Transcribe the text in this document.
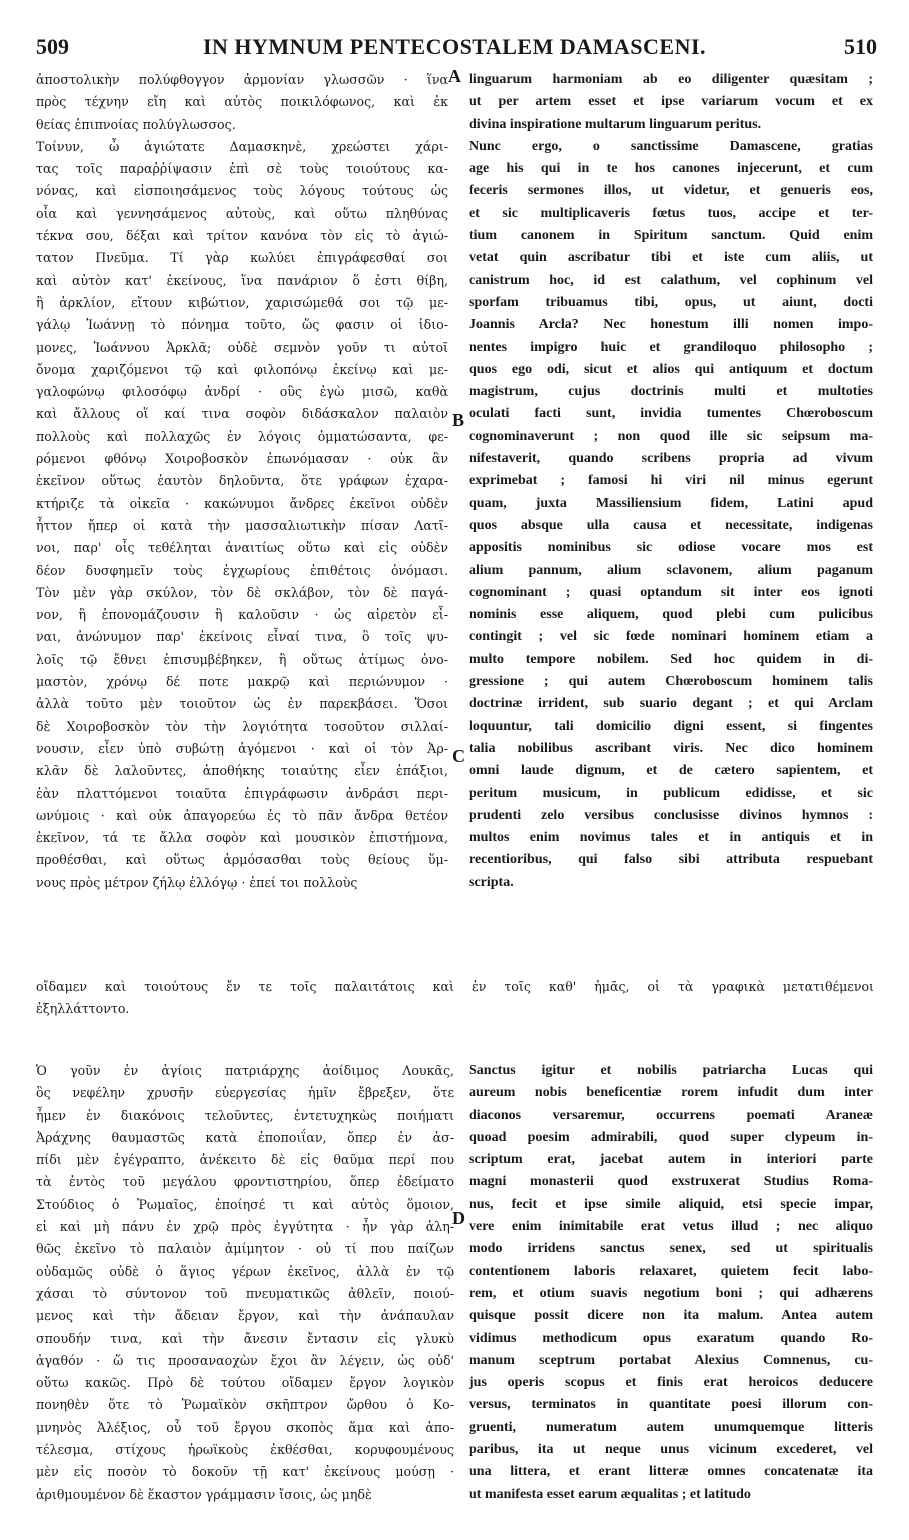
509	IN HYMNUM PENTECOSTALEM DAMASCENI.	510
ἀποστολικὴν πολύφθογγον ἁρμονίαν γλωσσῶν · ἵνα
πρὸς τέχνην εἴη καὶ αὐτὸς ποικιλόφωνος, καὶ ἐκ
θείας ἐπιπνοίας πολύγλωσσος.
Τοίνυν, ὦ ἁγιώτατε Δαμασκηνὲ, χρεώστει χάρι-
τας τοῖς παραῤῥίψασιν ἐπὶ σὲ τοὺς τοιούτους κα-
νόνας, καὶ εἰσποιησάμενος τοὺς λόγους τούτους ὡς
οἷα καὶ γεννησάμενος αὐτοὺς, καὶ οὕτω πληθύνας
τέκνα σου, δέξαι καὶ τρίτον κανόνα τὸν εἰς τὸ ἁγιώ-
τατον Πνεῦμα. Τί γὰρ κωλύει ἐπιγράφεσθαί σοι
καὶ αὐτὸν κατ' ἐκείνους, ἵνα πανάριον ὅ ἐστι θίβη,
ἢ ἀρκλίον, εἴτουν κιβώτιον, χαρισώμεθά σοι τῷ με-
γάλῳ Ἰωάννῃ τὸ πόνημα τοῦτο, ὥς φασιν οἱ ἰδιο-
μονες, Ἰωάννου Ἀρκλᾶ; οὐδὲ σεμνὸν γοῦν τι αὐτοῖ
ὄνομα χαριζόμενοι τῷ καὶ φιλοπόνῳ ἐκείνῳ καὶ με-
γαλοφώνῳ φιλοσόφῳ ἀνδρί · οὓς ἐγὼ μισῶ, καθὰ
καὶ ἄλλους οἵ καί τινα σοφὸν διδάσκαλον παλαιὸν
πολλοὺς καὶ πολλαχῶς ἐν λόγοις ὀμματώσαντα, φε-
ρόμενοι φθόνῳ Χοιροβοσκὸν ἐπωνόμασαν · οὐκ ἂν
ἐκεῖνον οὕτως ἑαυτὸν δηλοῦντα, ὅτε γράφων ἐχαρα-
κτήριζε τὰ οἰκεῖα · κακώνυμοι ἄνδρες ἐκεῖνοι οὐδὲν
ἧττον ἤπερ οἱ κατὰ τὴν μασσαλιωτικὴν πίσαν Λατῖ-
νοι, παρ' οἷς τεθέληται ἀναιτίως οὕτω καὶ εἰς οὐδὲν
δέον δυσφημεῖν τοὺς ἐγχωρίους ἐπιθέτοις ὀνόμασι.
Τὸν μὲν γὰρ σκύλον, τὸν δὲ σκλάβον, τὸν δὲ παγά-
νον, ἢ ἐπονομάζουσιν ἢ καλοῦσιν · ὡς αἱρετὸν εἶ-
ναι, ἀνώνυμον παρ' ἐκείνοις εἶναί τινα, ὃ τοῖς ψυ-
λοῖς τῷ ἔθνει ἐπισυμβέβηκεν, ἢ οὕτως ἀτίμως ὀνο-
μαστὸν, χρόνῳ δέ ποτε μακρῷ καὶ περιώνυμον ·
ἀλλὰ τοῦτο μὲν τοιοῦτον ὡς ἐν παρεκβάσει. Ὅσοι
δὲ Χοιροβοσκὸν τὸν τὴν λογιότητα τοσοῦτον σιλλαί-
νουσιν, εἶεν ὑπὸ συβώτῃ ἀγόμενοι · καὶ οἱ τὸν Ἀρ-
κλᾶν δὲ λαλοῦντες, ἀποθήκης τοιαύτης εἶεν ἐπάξιοι,
ἐὰν πλαττόμενοι τοιαῦτα ἐπιγράφωσιν ἀνδράσι περι-
ωνύμοις · καὶ οὐκ ἀπαγορεύω ἐς τὸ πᾶν ἄνδρα θετέον
ἐκεῖνον, τά τε ἄλλα σοφὸν καὶ μουσικὸν ἐπιστήμονα,
προθέσθαι, καὶ οὕτως ἁρμόσασθαι τοὺς θείους ὕμ-
νους πρὸς μέτρον ζήλῳ ἐλλόγῳ · ἐπεί τοι πολλοὺς
linguarum harmoniam ab eo diligenter quæsitam ;
ut per artem esset et ipse variarum vocum et ex
divina inspiratione multarum linguarum peritus.
Nunc ergo, o sanctissime Damascene, gratias
age his qui in te hos canones injecerunt, et cum
feceris sermones illos, ut videtur, et genueris eos,
et sic multiplicaveris fœtus tuos, accipe et ter-
tium canonem in Spiritum sanctum. Quid enim
vetat quin ascribatur tibi et iste cum aliis, ut
canistrum hoc, id est calathum, vel cophinum vel
sporfam tribuamus tibi, opus, ut aiunt, docti
Joannis Arcla? Nec honestum illi nomen impo-
nentes impigro huic et grandiloquo philosopho ;
quos ego odi, sicut et alios qui antiquum et doctum
magistrum, cujus doctrinis multi et multoties
oculati facti sunt, invidia tumentes Chœroboscum
cognominaverunt ; non quod ille sic seipsum ma-
nifestaverit, quando scribens propria ad vivum
exprimebat ; famosi hi viri nil minus egerunt
quam, juxta Massiliensium fidem, Latini apud
quos absque ulla causa et necessitate, indigenas
appositis nominibus sic odiose vocare mos est
alium pannum, alium sclavonem, alium paganum
cognominant ; quasi optandum sit inter eos ignoti
nominis esse aliquem, quod plebi cum pulicibus
contingit ; vel sic fœde nominari hominem etiam a
multo tempore nobilem. Sed hoc quidem in di-
gressione ; qui autem Chœroboscum hominem talis
doctrinæ irrident, sub suario degant ; et qui Arclam
loquuntur, tali domicilio digni essent, si fingentes
talia nobilibus ascribant viris. Nec dico hominem
omni laude dignum, et de cætero sapientem, et
peritum musicum, in publicum edidisse, et sic
prudenti zelo versibus conclusisse divinos hymnos :
multos enim novimus tales et in antiquis et in
recentioribus, qui falso sibi attributa respuebant
scripta.
οἴδαμεν καὶ τοιούτους ἔν τε τοῖς παλαιτάτοις καὶ ἐν τοῖς καθ' ἡμᾶς, οἱ τὰ γραφικὰ μετατιθέμενοι
ἐξηλλάττοντο.
Ὁ γοῦν ἐν ἁγίοις πατριάρχης ἀοίδιμος Λουκᾶς,
ὃς νεφέλην χρυσῆν εὐεργεσίας ἡμῖν ἔβρεξεν, ὅτε
ἦμεν ἐν διακόνοις τελοῦντες, ἐντετυχηκὼς ποιήματι
Ἀράχνης θαυμαστῶς κατὰ ἐποποιΐαν, ὅπερ ἐν ἀσ-
πίδι μὲν ἐγέγραπτο, ἀνέκειτο δὲ εἰς θαῦμα περί που
τὰ ἐντὸς τοῦ μεγάλου φροντιστηρίου, ὅπερ ἐδείματο
Στούδιος ὁ Ῥωμαῖος, ἐποίησέ τι καὶ αὐτὸς ὅμοιον,
εἰ καὶ μὴ πάνυ ἐν χρῷ πρὸς ἐγγύτητα · ἦν γὰρ ἀλη-
θῶς ἐκεῖνο τὸ παλαιὸν ἀμίμητον · οὐ τί που παίζων
οὐδαμῶς οὐδὲ ὁ ἅγιος γέρων ἐκεῖνος, ἀλλὰ ἐν τῷ
χάσαι τὸ σύντονον τοῦ πνευματικῶς ἀθλεῖν, ποιού-
μενος καὶ τὴν ἄδειαν ἔργον, καὶ τὴν ἀνάπαυλαν
σπουδήν τινα, καὶ τὴν ἄνεσιν ἔντασιν εἰς γλυκὺ
ἀγαθόν · ὥ τις προσαναοχὼν ἔχοι ἂν λέγειν, ὡς οὐδ'
οὕτω κακῶς. Πρὸ δὲ τούτου οἴδαμεν ἔργον λογικὸν
πονηθὲν ὅτε τὸ Ῥωμαϊκὸν σκῆπτρον ὤρθου ὁ Κο-
μνηνὸς Ἀλέξιος, οὗ τοῦ ἔργου σκοπὸς ἅμα καὶ ἀπο-
τέλεσμα, στίχους ἡρωϊκοὺς ἐκθέσθαι, κορυφουμένους
μὲν εἰς ποσὸν τὸ δοκοῦν τῇ κατ' ἐκείνους μούσῃ ·
ἀριθμουμένον δὲ ἕκαστον γράμμασιν ἴσοις, ὡς μηδὲ
Sanctus igitur et nobilis patriarcha Lucas qui
aureum nobis beneficentiæ rorem infudit dum inter
diaconos versaremur, occurrens poemati Araneæ
quoad poesim admirabili, quod super clypeum in-
scriptum erat, jacebat autem in interiori parte
magni monasterii quod exstruxerat Studius Roma-
nus, fecit et ipse simile aliquid, etsi specie impar,
vere enim inimitabile erat vetus illud ; nec aliquo
modo irridens sanctus senex, sed ut spiritualis
contentionem laboris relaxaret, quietem fecit labo-
rem, et otium suavis negotium boni ; qui adhærens
quisque possit dicere non ita malum. Antea autem
vidimus methodicum opus exaratum quando Ro-
manum sceptrum portabat Alexius Comnenus, cu-
jus operis scopus et finis erat heroicos deducere
versus, terminatos in quantitate poesi illorum con-
gruenti, numeratum autem unumquemque litteris
paribus, ita ut neque unus vicinum excederet, vel
una littera, et erant litteræ omnes concatenatæ ita
ut manifesta esset earum æqualitas ; et latitudo
A
B
C
D
